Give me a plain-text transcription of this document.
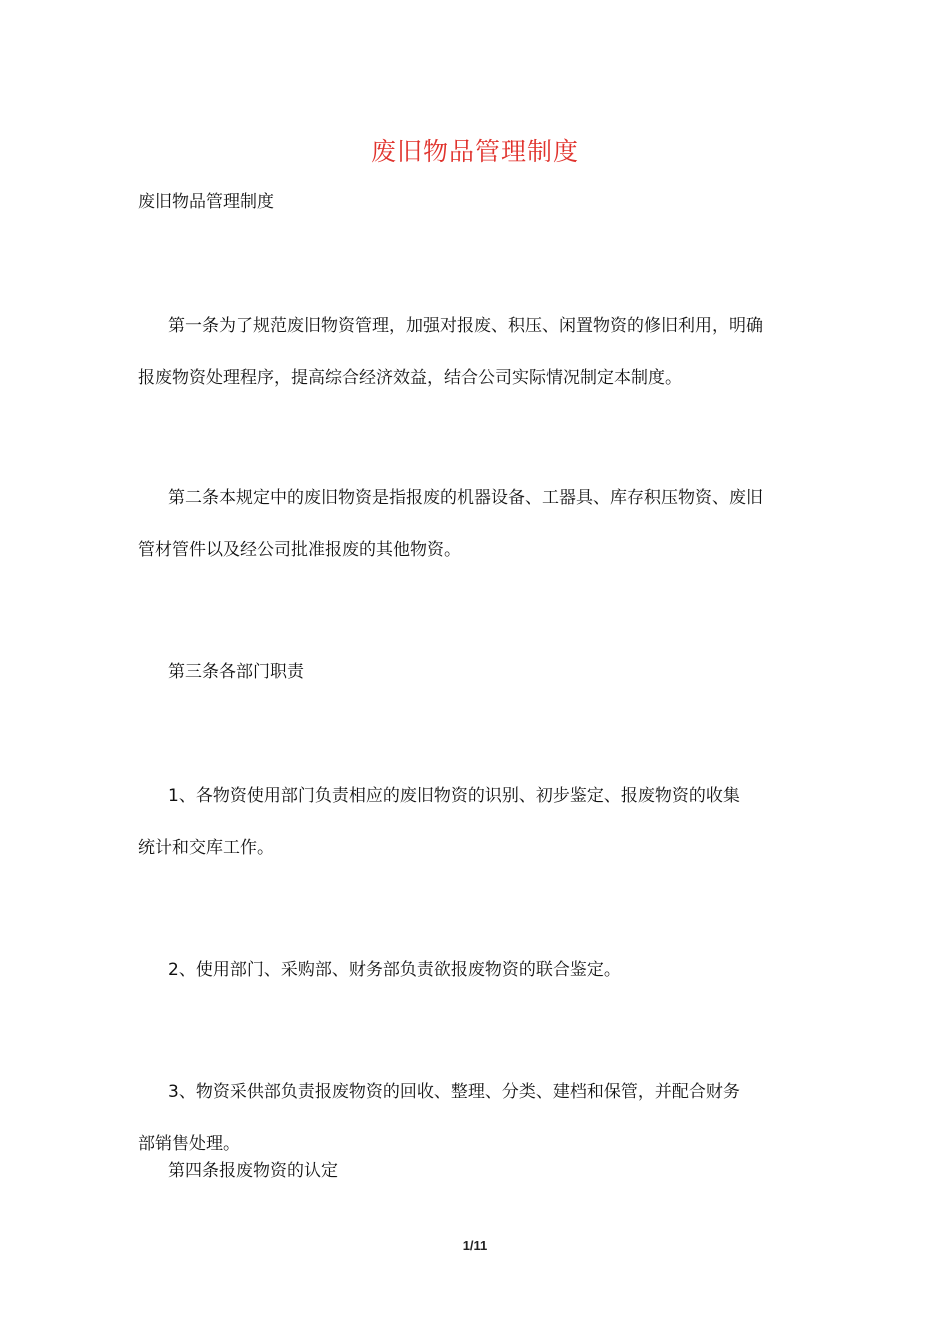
废旧物品管理制度
废旧物品管理制度
第一条为了规范废旧物资管理，加强对报废、积压、闲置物资的修旧利用，明确
报废物资处理程序，提高综合经济效益，结合公司实际情况制定本制度。
第二条本规定中的废旧物资是指报废的机器设备、工器具、库存积压物资、废旧
管材管件以及经公司批准报废的其他物资。
第三条各部门职责
1、各物资使用部门负责相应的废旧物资的识别、初步鉴定、报废物资的收集
统计和交库工作。
2、使用部门、采购部、财务部负责欲报废物资的联合鉴定。
3、物资采供部负责报废物资的回收、整理、分类、建档和保管，并配合财务
部销售处理。
第四条报废物资的认定
1/11
